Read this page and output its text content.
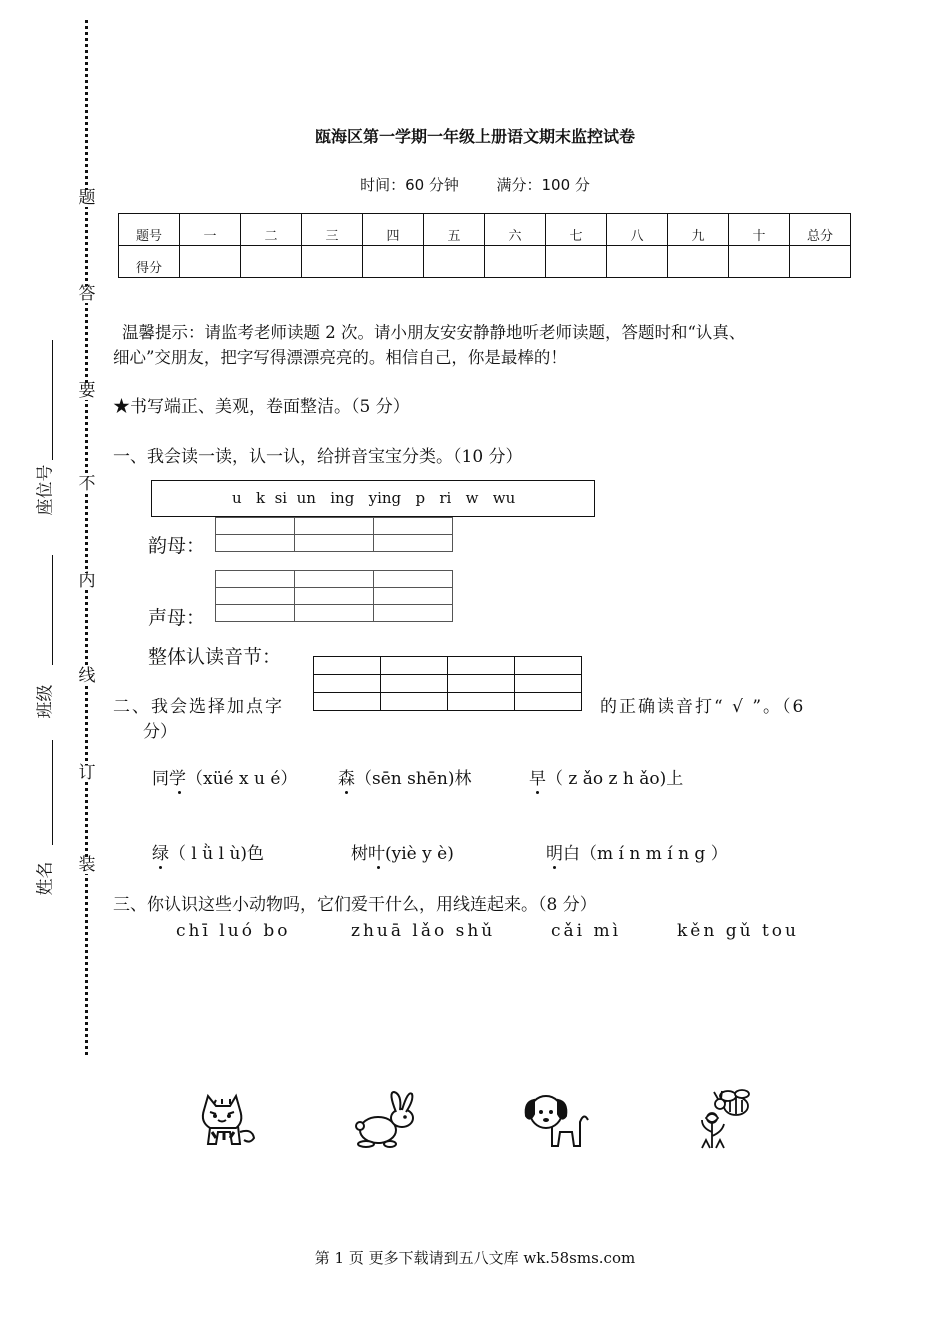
题
答
要
不
内
线
订
装
座位号
班级
姓名
瓯海区第一学期一年级上册语文期末监控试卷
时间：60 分钟	满分：100 分
题号	一	二	三	四	五	六	七	八	九	十	总分
得分											
温馨提示：请监考老师读题 2 次。请小朋友安安静静地听老师读题，答题时和“认真、
细心”交朋友，把字写得漂漂亮亮的。相信自己，你是最棒的！
★书写端正、美观，卷面整洁。（5 分）
一、我会读一读，认一认，给拼音宝宝分类。（10 分）
u   k  si  un   ing   ying   p   ri   w   wu

韵母：

声母：
整体认读音节：

二、我会选择加点字	的正确读音打“ √ ”。（6
分）
同学（xüé x u é） 森（sēn shēn)林	早（ z ǎo z h ǎo)上
绿（ l ǜ l ù)色	树叶(yiè y è)	明白（m í n m í n g ）
三、你认识这些小动物吗，它们爱干什么，用线连起来。（8 分）
chī luó bo	zhuā lǎo shǔ	cǎi mì	kěn gǔ tou
第 1 页 更多下载请到五八文库 wk.58sms.com
